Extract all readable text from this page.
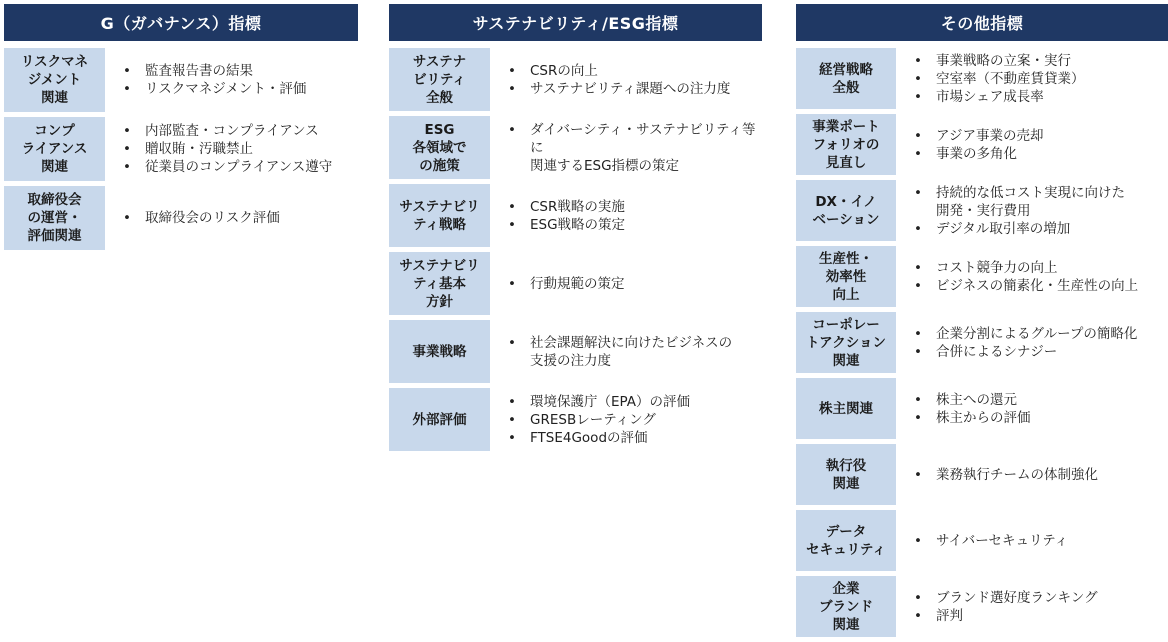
G（ガバナンス）指標
リスクマネ
ジメント
関連
• 監査報告書の結果
• リスクマネジメント・評価
コンプ
ライアンス
関連
• 内部監査・コンプライアンス
• 贈収賄・汚職禁止
• 従業員のコンプライアンス遵守
取締役会
の運営・
評価関連
• 取締役会のリスク評価
サステナビリティ/ESG指標
サステナ
ビリティ
全般
• CSRの向上
• サステナビリティ課題への注力度
ESG
各領域で
の施策
• ダイバーシティ・サステナビリティ等に
関連するESG指標の策定
サステナビリ
ティ戦略
• CSR戦略の実施
• ESG戦略の策定
サステナビリ
ティ基本
方針
• 行動規範の策定
事業戦略
• 社会課題解決に向けたビジネスの
支援の注力度
外部評価
• 環境保護庁（EPA）の評価
• GRESBレーティング
• FTSE4Goodの評価
その他指標
経営戦略
全般
• 事業戦略の立案・実行
• 空室率（不動産賃貸業）
• 市場シェア成長率
事業ポート
フォリオの
見直し
• アジア事業の売却
• 事業の多角化
DX・イノ
ベーション
• 持続的な低コスト実現に向けた
開発・実行費用
• デジタル取引率の増加
生産性・
効率性
向上
• コスト競争力の向上
• ビジネスの簡素化・生産性の向上
コーポレー
トアクション
関連
• 企業分割によるグループの簡略化
• 合併によるシナジー
株主関連
• 株主への還元
• 株主からの評価
執行役
関連
• 業務執行チームの体制強化
データ
セキュリティ
• サイバーセキュリティ
企業
ブランド
関連
• ブランド選好度ランキング
• 評判
